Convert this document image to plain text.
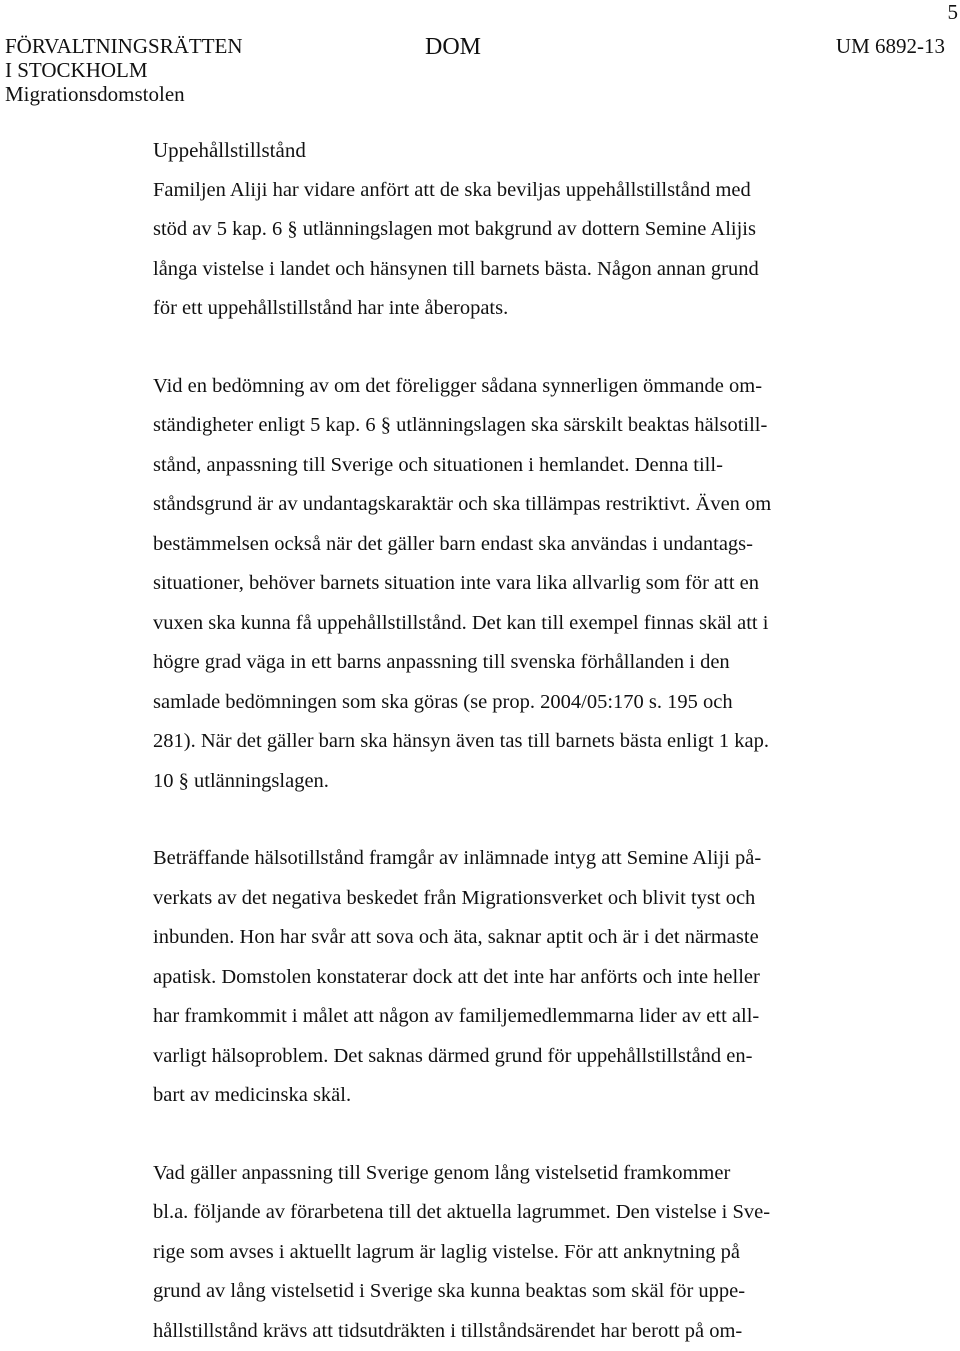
5
FÖRVALTNINGSRÄTTEN
I STOCKHOLM
Migrationsdomstolen
DOM	UM 6892-13

Uppehållstillstånd

Familjen Aliji har vidare anfört att de ska beviljas uppehållstillstånd med
stöd av 5 kap. 6 § utlänningslagen mot bakgrund av dottern Semine Alijis
långa vistelse i landet och hänsynen till barnets bästa. Någon annan grund
för ett uppehållstillstånd har inte åberopats.

Vid en bedömning av om det föreligger sådana synnerligen ömmande om-
ständigheter enligt 5 kap. 6 § utlänningslagen ska särskilt beaktas hälsotill-
stånd, anpassning till Sverige och situationen i hemlandet. Denna till-
ståndsgrund är av undantagskaraktär och ska tillämpas restriktivt. Även om
bestämmelsen också när det gäller barn endast ska användas i undantags-
situationer, behöver barnets situation inte vara lika allvarlig som för att en
vuxen ska kunna få uppehållstillstånd. Det kan till exempel finnas skäl att i
högre grad väga in ett barns anpassning till svenska förhållanden i den
samlade bedömningen som ska göras (se prop. 2004/05:170 s. 195 och
281). När det gäller barn ska hänsyn även tas till barnets bästa enligt 1 kap.
10 § utlänningslagen.

Beträffande hälsotillstånd framgår av inlämnade intyg att Semine Aliji på-
verkats av det negativa beskedet från Migrationsverket och blivit tyst och
inbunden. Hon har svår att sova och äta, saknar aptit och är i det närmaste
apatisk. Domstolen konstaterar dock att det inte har anförts och inte heller
har framkommit i målet att någon av familjemedlemmarna lider av ett all-
varligt hälsoproblem. Det saknas därmed grund för uppehållstillstånd en-
bart av medicinska skäl.

Vad gäller anpassning till Sverige genom lång vistelsetid framkommer
bl.a. följande av förarbetena till det aktuella lagrummet. Den vistelse i Sve-
rige som avses i aktuellt lagrum är laglig vistelse. För att anknytning på
grund av lång vistelsetid i Sverige ska kunna beaktas som skäl för uppe-
hållstillstånd krävs att tidsutdräkten i tillståndsärendet har berott på om-
